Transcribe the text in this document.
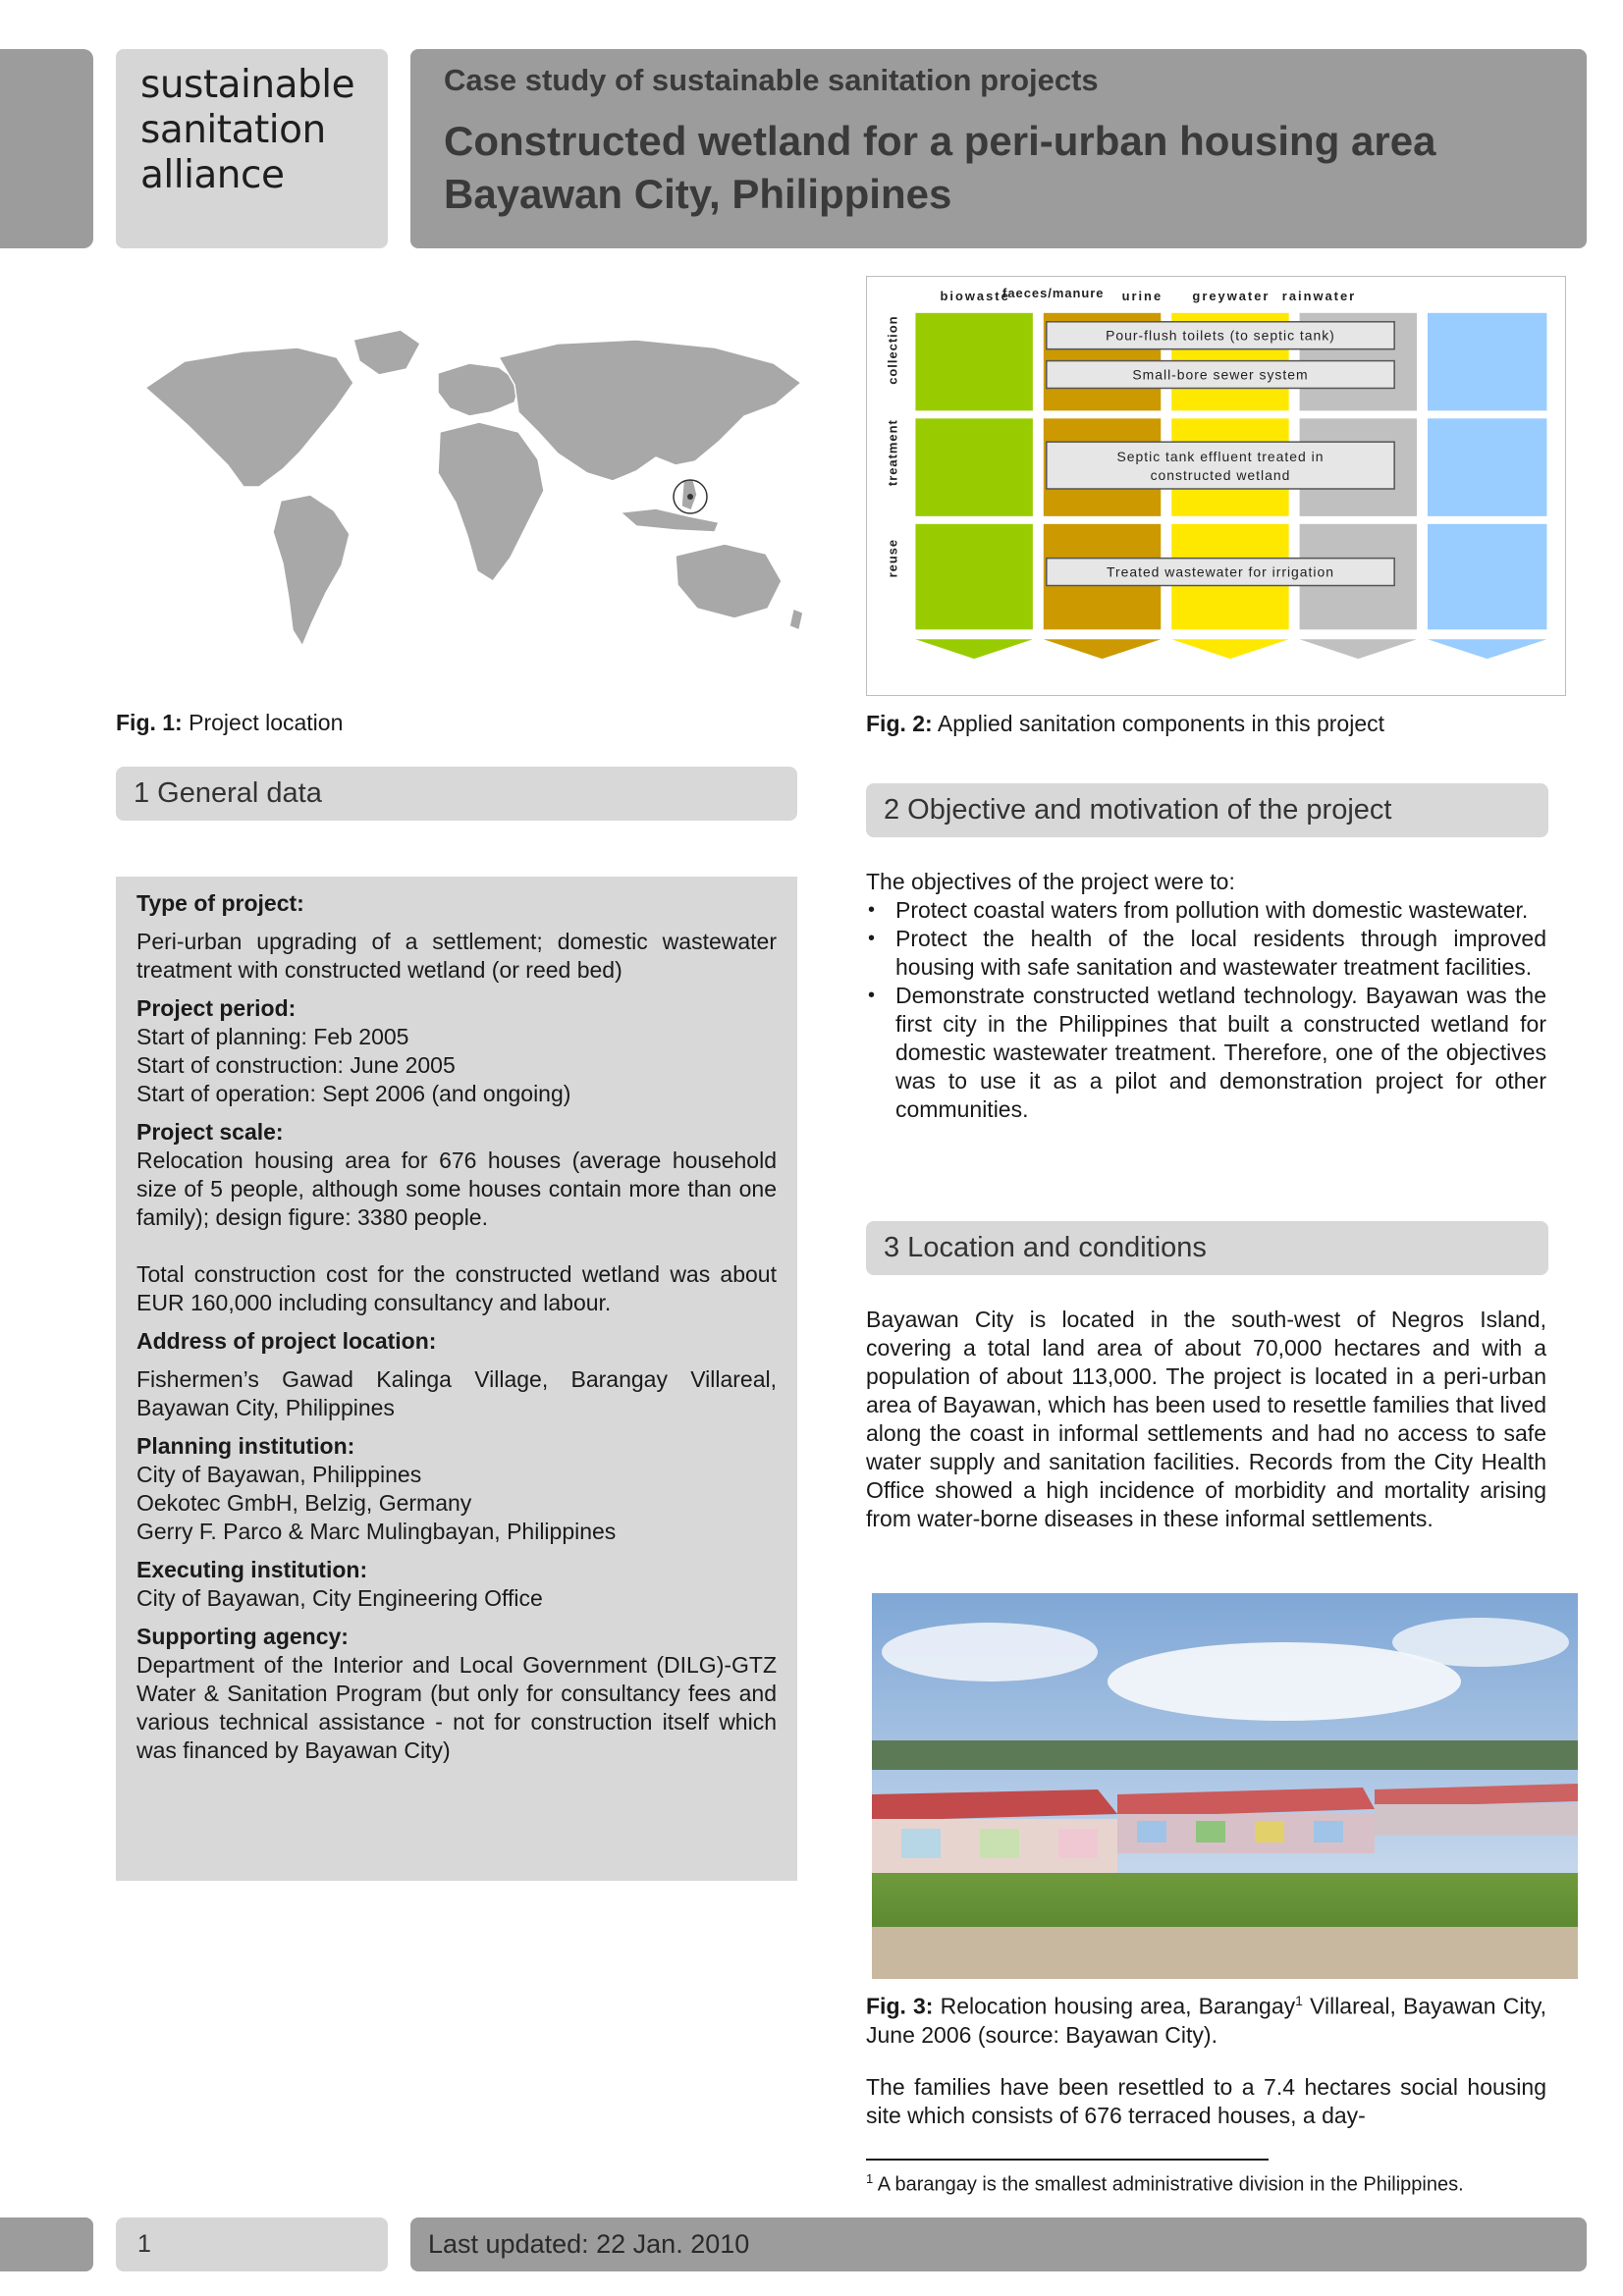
sustainable
sanitation
alliance
Case study of sustainable sanitation projects
Constructed wetland for a peri-urban housing area
Bayawan City, Philippines
Fig. 1: Project location
biowaste
faeces/manure urine greywater rainwater
collection
treatment
reuse
Pour-flush toilets (to septic tank)
Small-bore sewer system
Septic tank effluent treated in
constructed wetland
Treated wastewater for irrigation
Fig. 2: Applied sanitation components in this project
1 General data
Type of project:

Peri-urban upgrading of a settlement; domestic wastewater treatment with constructed wetland (or reed bed)

Project period:
Start of planning: Feb 2005
Start of construction: June 2005
Start of operation: Sept 2006 (and ongoing)
Project scale:

Relocation housing area for 676 houses (average household size of 5 people, although some houses contain more than one family); design figure: 3380 people.

Total construction cost for the constructed wetland was about EUR 160,000 including consultancy and labour.

Address of project location:

Fishermen’s Gawad Kalinga Village, Barangay Villareal, Bayawan City, Philippines

Planning institution:
City of Bayawan, Philippines
Oekotec GmbH, Belzig, Germany
Gerry F. Parco & Marc Mulingbayan, Philippines
Executing institution:
City of Bayawan, City Engineering Office
Supporting agency:

Department of the Interior and Local Government (DILG)-GTZ Water & Sanitation Program (but only for consultancy fees and various technical assistance - not for construction itself which was financed by Bayawan City)

2 Objective and motivation of the project
The objectives of the project were to:
• Protect coastal waters from pollution with domestic wastewater.
• Protect the health of the local residents through improved housing with safe sanitation and wastewater treatment facilities.
• Demonstrate constructed wetland technology. Bayawan was the first city in the Philippines that built a constructed wetland for domestic wastewater treatment. Therefore, one of the objectives was to use it as a pilot and demonstration project for other communities.
3 Location and conditions
Bayawan City is located in the south-west of Negros Island, covering a total land area of about 70,000 hectares and with a population of about 113,000. The project is located in a peri-urban area of Bayawan, which has been used to resettle families that lived along the coast in informal settlements and had no access to safe water supply and sanitation facilities. Records from the City Health Office showed a high incidence of morbidity and mortality arising from water-borne diseases in these informal settlements.
Fig. 3: Relocation housing area, Barangay$^1$ Villareal, Bayawan City, June 2006 (source: Bayawan City).
The families have been resettled to a 7.4 hectares social housing site which consists of 676 terraced houses, a day-
$^1$ A barangay is the smallest administrative division in the Philippines.
1	Last updated: 22 Jan. 2010
